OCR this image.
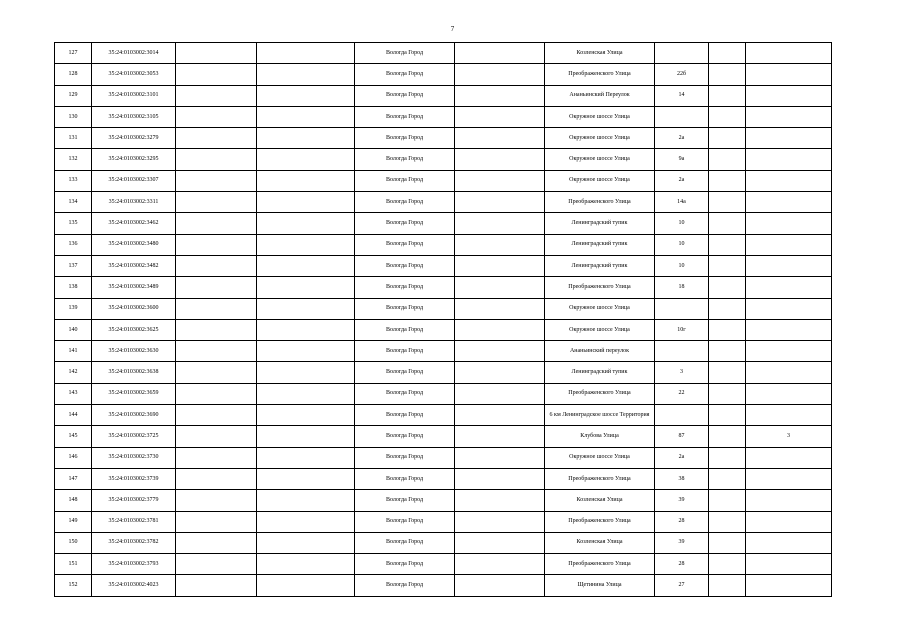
7
127	35:24:0103002:3014			Вологда Город		Козленская Улица			
128	35:24:0103002:3053			Вологда Город		Преображенского Улица	22б		
129	35:24:0103002:3101			Вологда Город		Ананьинский Переулок	14		
130	35:24:0103002:3105			Вологда Город		Окружное шоссе Улица			
131	35:24:0103002:3279			Вологда Город		Окружное шоссе Улица	2а		
132	35:24:0103002:3295			Вологда Город		Окружное шоссе Улица	9а		
133	35:24:0103002:3307			Вологда Город		Окружное шоссе Улица	2а		
134	35:24:0103002:3311			Вологда Город		Преображенского Улица	14а		
135	35:24:0103002:3462			Вологда Город		Ленинградский тупик	10		
136	35:24:0103002:3480			Вологда Город		Ленинградский тупик	10		
137	35:24:0103002:3482			Вологда Город		Ленинградский тупик	10		
138	35:24:0103002:3489			Вологда Город		Преображенского Улица	18		
139	35:24:0103002:3600			Вологда Город		Окружное шоссе Улица			
140	35:24:0103002:3625			Вологда Город		Окружное шоссе Улица	10г		
141	35:24:0103002:3630			Вологда Город		Ананьинский переулок			
142	35:24:0103002:3638			Вологда Город		Ленинградский тупик	3		
143	35:24:0103002:3659			Вологда Город		Преображенского Улица	22		
144	35:24:0103002:3690			Вологда Город		6 км Ленинградское шоссе Территория			
145	35:24:0103002:3725			Вологда Город		Клубова Улица	87		3
146	35:24:0103002:3730			Вологда Город		Окружное шоссе Улица	2а		
147	35:24:0103002:3739			Вологда Город		Преображенского Улица	38		
148	35:24:0103002:3779			Вологда Город		Козленская Улица	39		
149	35:24:0103002:3781			Вологда Город		Преображенского Улица	28		
150	35:24:0103002:3782			Вологда Город		Козленская Улица	39		
151	35:24:0103002:3793			Вологда Город		Преображенского Улица	28		
152	35:24:0103002:4023			Вологда Город		Щетинина Улица	27		
